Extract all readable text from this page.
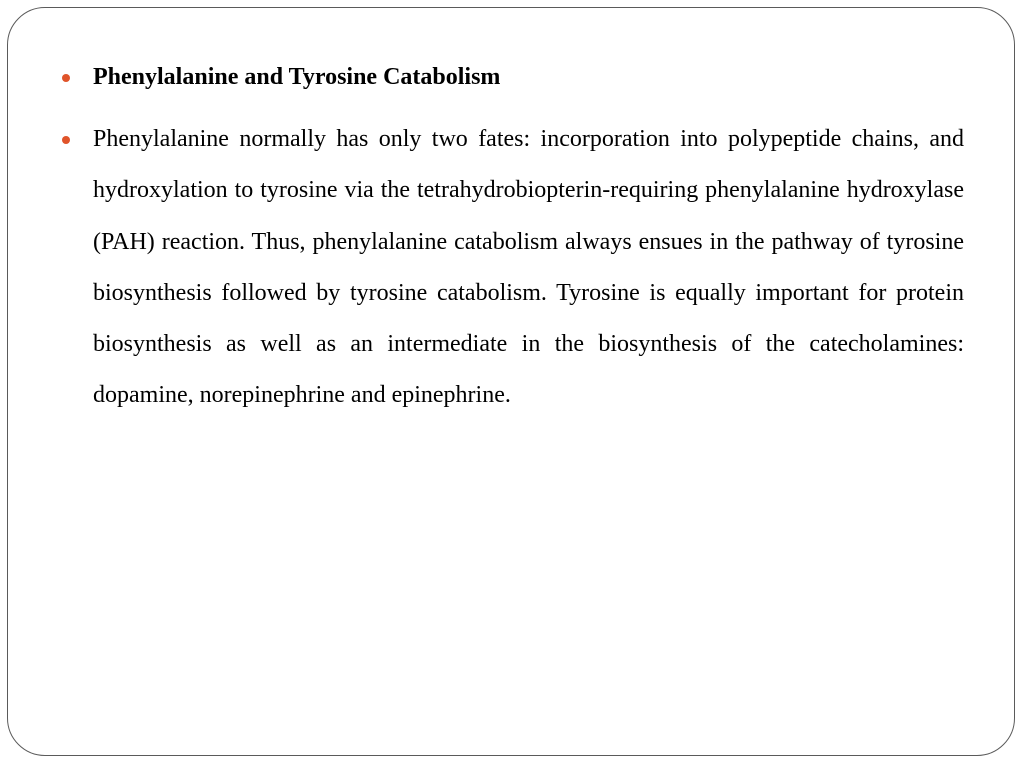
Phenylalanine and Tyrosine Catabolism
Phenylalanine normally has only two fates: incorporation into polypeptide chains, and hydroxylation to tyrosine via the tetrahydrobiopterin-requiring phenylalanine hydroxylase (PAH) reaction. Thus, phenylalanine catabolism always ensues in the pathway of tyrosine biosynthesis followed by tyrosine catabolism. Tyrosine is equally important for protein biosynthesis as well as an intermediate in the biosynthesis of the catecholamines: dopamine, norepinephrine and epinephrine.
